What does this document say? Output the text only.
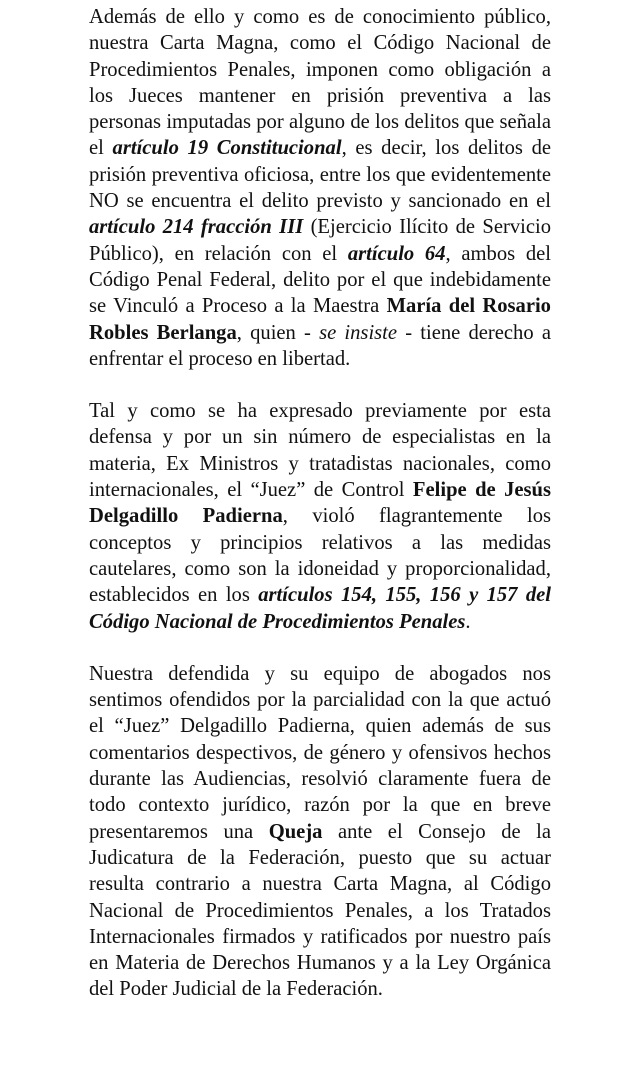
Además de ello y como es de conocimiento público, nuestra Carta Magna, como el Código Nacional de Procedimientos Penales, imponen como obligación a los Jueces mantener en prisión preventiva a las personas imputadas por alguno de los delitos que señala el artículo 19 Constitucional, es decir, los delitos de prisión preventiva oficiosa, entre los que evidentemente NO se encuentra el delito previsto y sancionado en el artículo 214 fracción III (Ejercicio Ilícito de Servicio Público), en relación con el artículo 64, ambos del Código Penal Federal, delito por el que indebidamente se Vinculó a Proceso a la Maestra María del Rosario Robles Berlanga, quien - se insiste - tiene derecho a enfrentar el proceso en libertad.

Tal y como se ha expresado previamente por esta defensa y por un sin número de especialistas en la materia, Ex Ministros y tratadistas nacionales, como internacionales, el “Juez” de Control Felipe de Jesús Delgadillo Padierna, violó flagrantemente los conceptos y principios relativos a las medidas cautelares, como son la idoneidad y proporcionalidad, establecidos en los artículos 154, 155, 156 y 157 del Código Nacional de Procedimientos Penales.

Nuestra defendida y su equipo de abogados nos sentimos ofendidos por la parcialidad con la que actuó el “Juez” Delgadillo Padierna, quien además de sus comentarios despectivos, de género y ofensivos hechos durante las Audiencias, resolvió claramente fuera de todo contexto jurídico, razón por la que en breve presentaremos una Queja ante el Consejo de la Judicatura de la Federación, puesto que su actuar resulta contrario a nuestra Carta Magna, al Código Nacional de Procedimientos Penales, a los Tratados Internacionales firmados y ratificados por nuestro país en Materia de Derechos Humanos y a la Ley Orgánica del Poder Judicial de la Federación.
